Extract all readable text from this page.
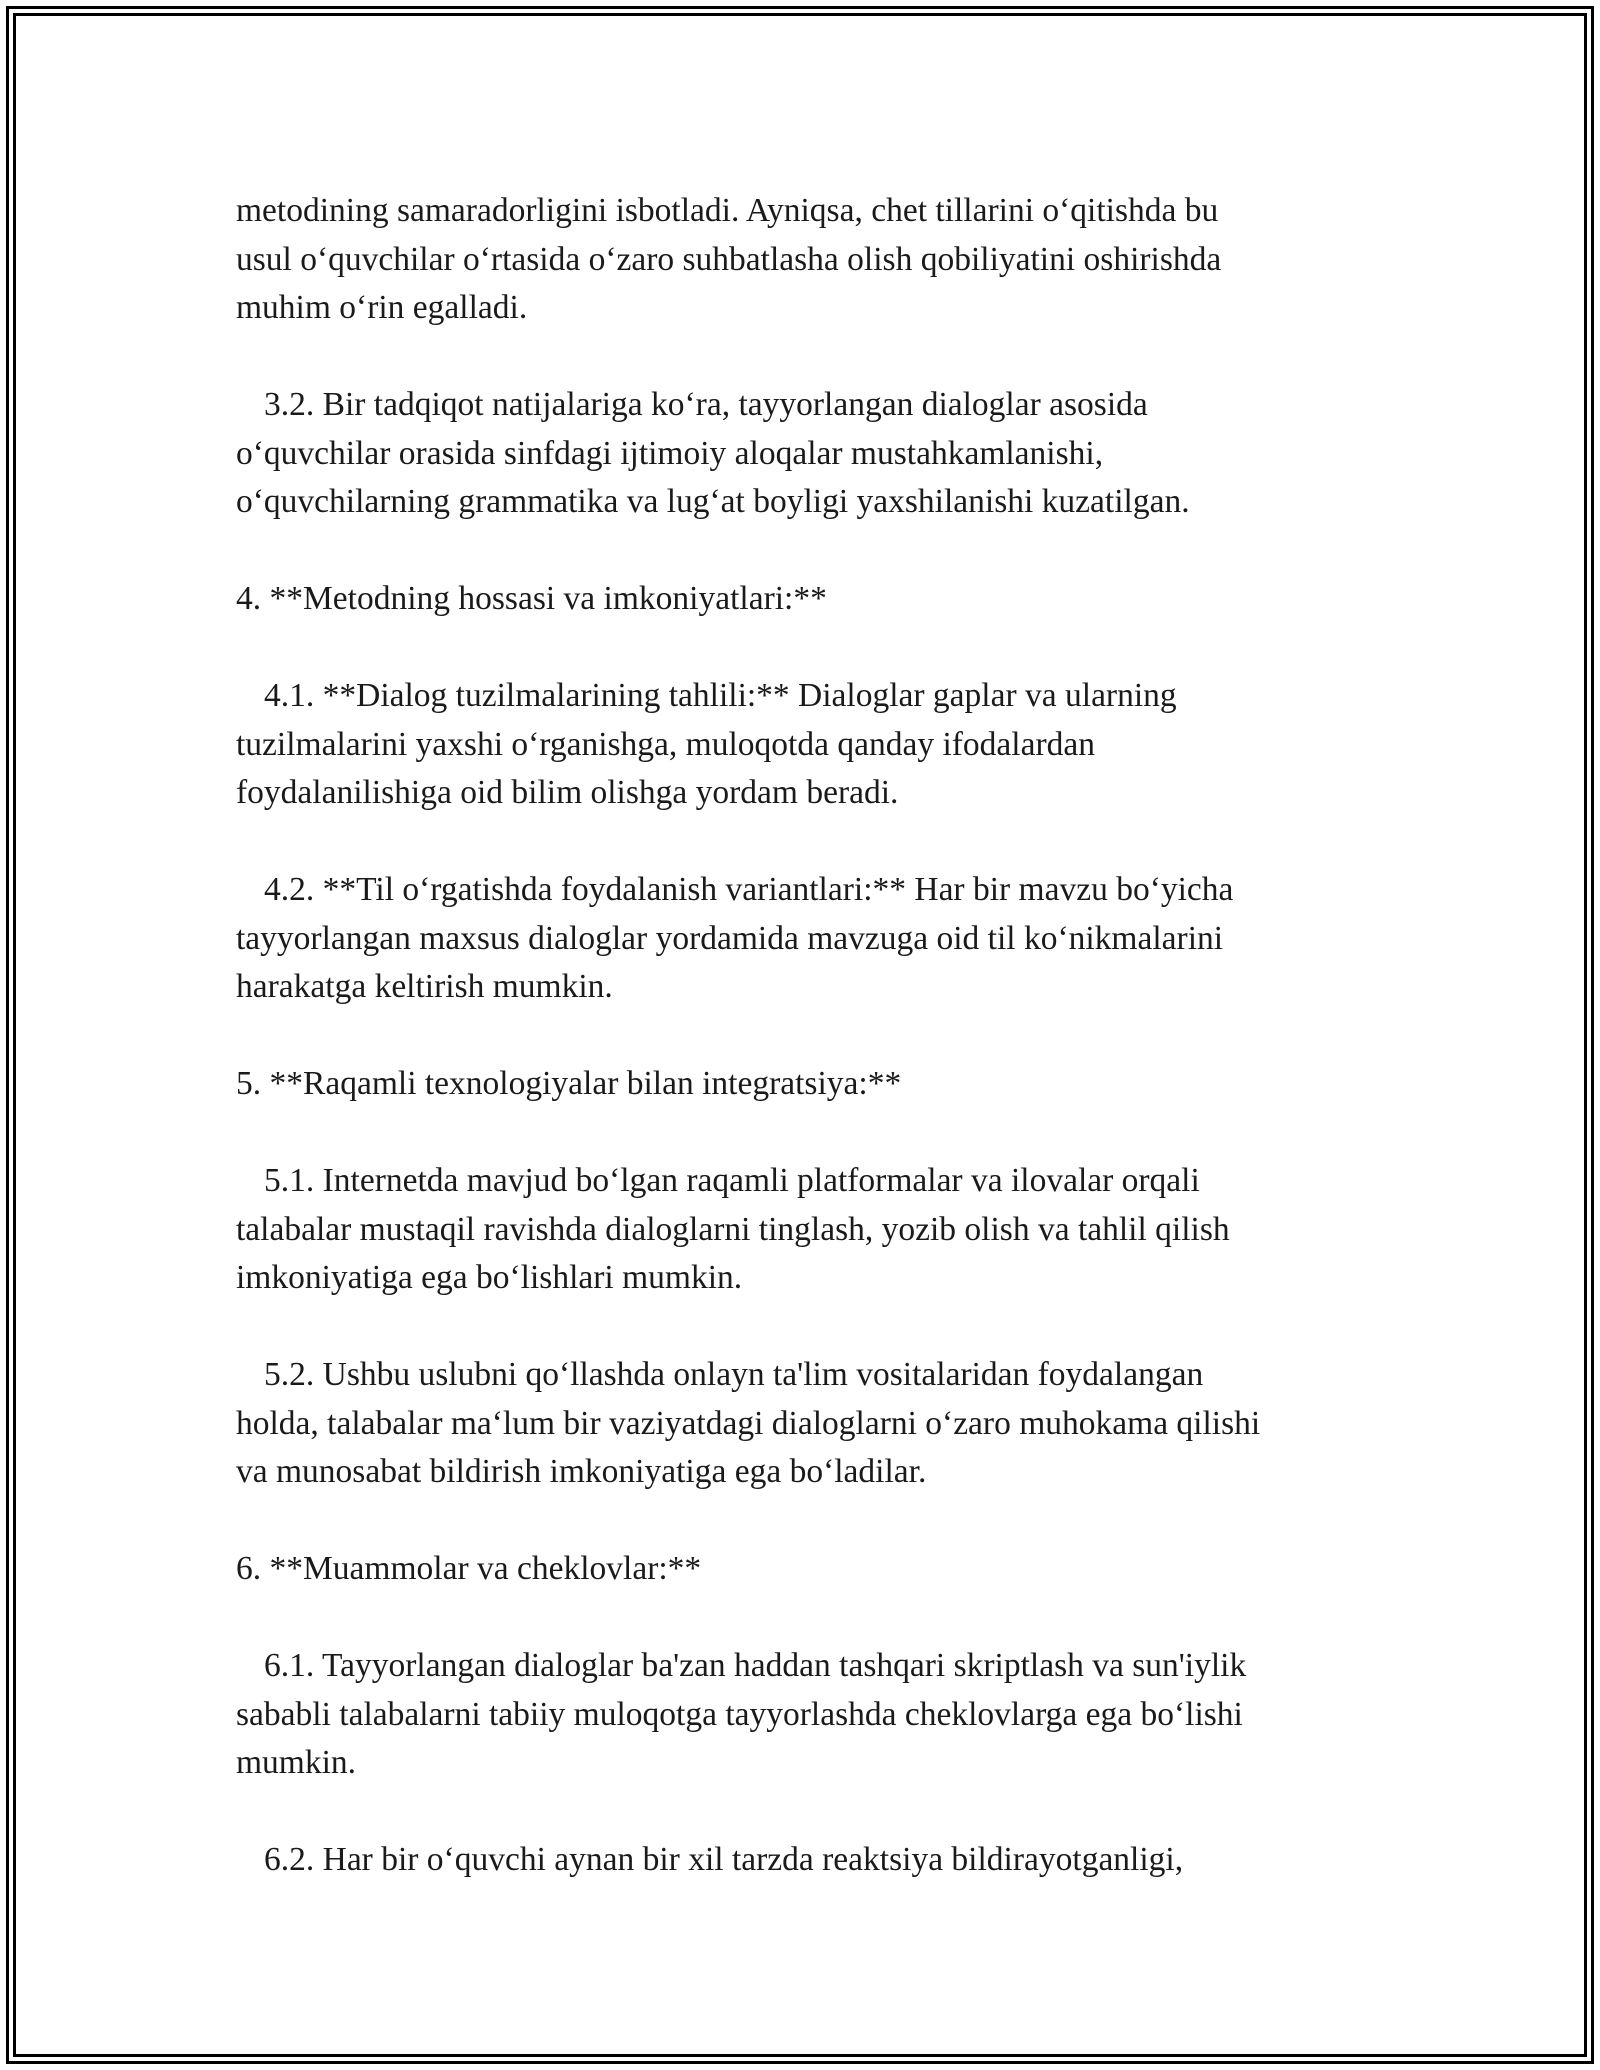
metodining samaradorligini isbotladi. Ayniqsa, chet tillarini oʻqitishda bu
usul oʻquvchilar oʻrtasida oʻzaro suhbatlasha olish qobiliyatini oshirishda
muhim oʻrin egalladi.

3.2. Bir tadqiqot natijalariga koʻra, tayyorlangan dialoglar asosida
oʻquvchilar orasida sinfdagi ijtimoiy aloqalar mustahkamlanishi,
oʻquvchilarning grammatika va lugʻat boyligi yaxshilanishi kuzatilgan.

4. **Metodning hossasi va imkoniyatlari:**

4.1. **Dialog tuzilmalarining tahlili:** Dialoglar gaplar va ularning
tuzilmalarini yaxshi oʻrganishga, muloqotda qanday ifodalardan
foydalanilishiga oid bilim olishga yordam beradi.

4.2. **Til oʻrgatishda foydalanish variantlari:** Har bir mavzu boʻyicha
tayyorlangan maxsus dialoglar yordamida mavzuga oid til koʻnikmalarini
harakatga keltirish mumkin.

5. **Raqamli texnologiyalar bilan integratsiya:**

5.1. Internetda mavjud boʻlgan raqamli platformalar va ilovalar orqali
talabalar mustaqil ravishda dialoglarni tinglash, yozib olish va tahlil qilish
imkoniyatiga ega boʻlishlari mumkin.

5.2. Ushbu uslubni qoʻllashda onlayn ta'lim vositalaridan foydalangan
holda, talabalar maʻlum bir vaziyatdagi dialoglarni oʻzaro muhokama qilishi
va munosabat bildirish imkoniyatiga ega boʻladilar.

6. **Muammolar va cheklovlar:**

6.1. Tayyorlangan dialoglar ba'zan haddan tashqari skriptlash va sun'iylik
sababli talabalarni tabiiy muloqotga tayyorlashda cheklovlarga ega boʻlishi
mumkin.

6.2. Har bir oʻquvchi aynan bir xil tarzda reaktsiya bildirayotganligi,
